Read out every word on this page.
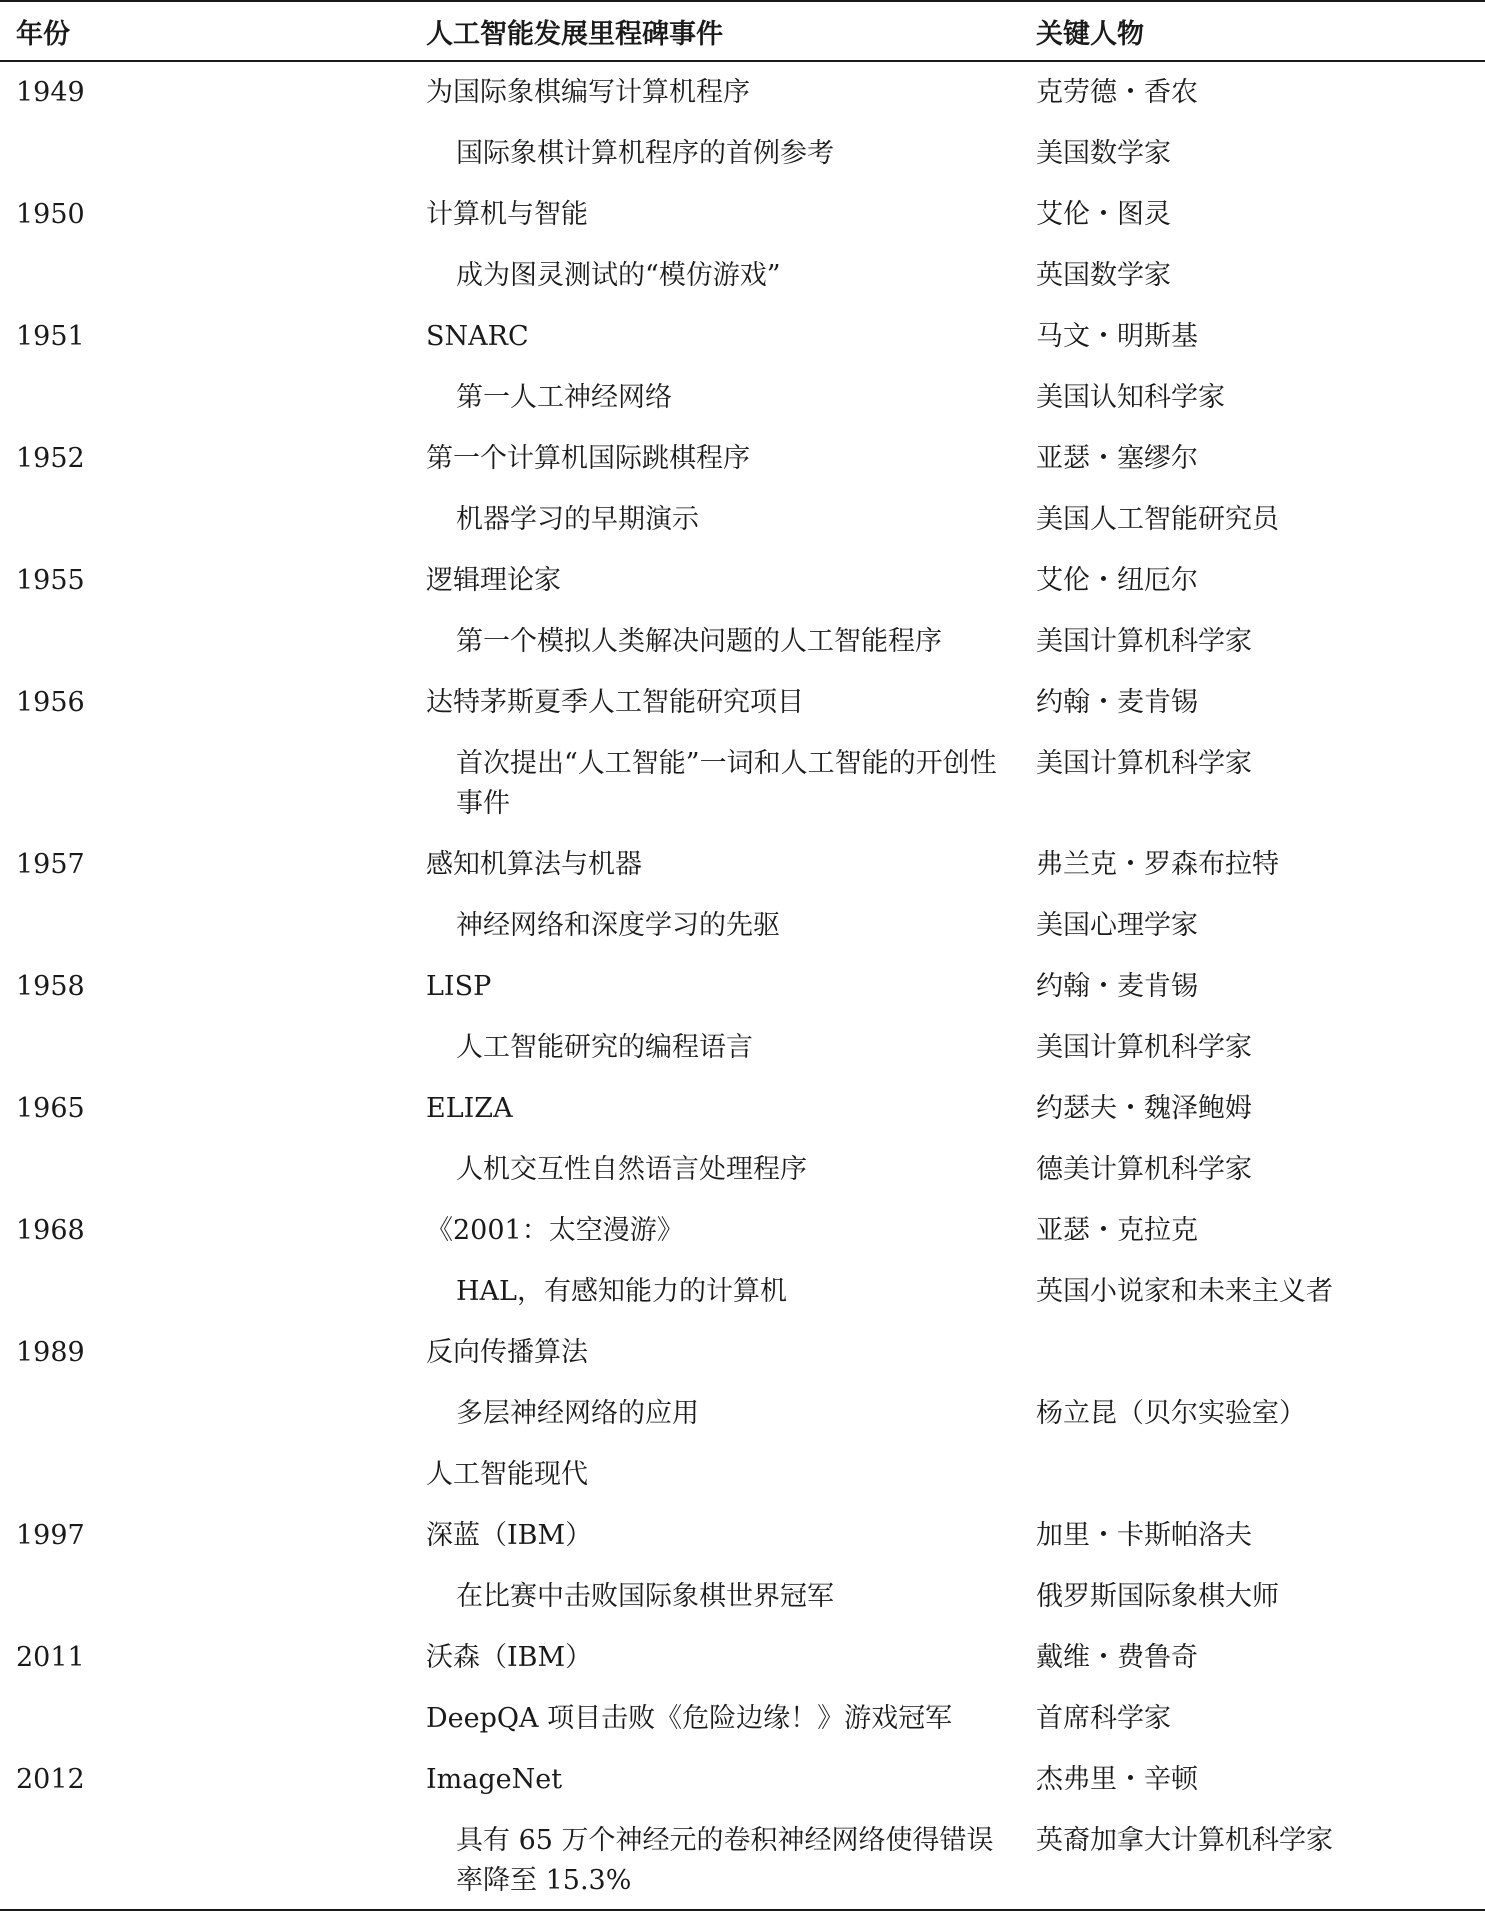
年份	人工智能发展里程碑事件	关键人物
1949	为国际象棋编写计算机程序	克劳德・香农
	国际象棋计算机程序的首例参考	美国数学家
1950	计算机与智能	艾伦・图灵
	成为图灵测试的“模仿游戏”	英国数学家
1951	SNARC	马文・明斯基
	第一人工神经网络	美国认知科学家
1952	第一个计算机国际跳棋程序	亚瑟・塞缪尔
	机器学习的早期演示	美国人工智能研究员
1955	逻辑理论家	艾伦・纽厄尔
	第一个模拟人类解决问题的人工智能程序	美国计算机科学家
1956	达特茅斯夏季人工智能研究项目	约翰・麦肯锡
	首次提出“人工智能”一词和人工智能的开创性事件	美国计算机科学家
1957	感知机算法与机器	弗兰克・罗森布拉特
	神经网络和深度学习的先驱	美国心理学家
1958	LISP	约翰・麦肯锡
	人工智能研究的编程语言	美国计算机科学家
1965	ELIZA	约瑟夫・魏泽鲍姆
	人机交互性自然语言处理程序	德美计算机科学家
1968	《2001：太空漫游》	亚瑟・克拉克
	HAL，有感知能力的计算机	英国小说家和未来主义者
1989	反向传播算法	
	多层神经网络的应用	杨立昆（贝尔实验室）
	人工智能现代	
1997	深蓝（IBM）	加里・卡斯帕洛夫
	在比赛中击败国际象棋世界冠军	俄罗斯国际象棋大师
2011	沃森（IBM）	戴维・费鲁奇
	DeepQA 项目击败《危险边缘！》游戏冠军	首席科学家
2012	ImageNet	杰弗里・辛顿
	具有 65 万个神经元的卷积神经网络使得错误率降至 15.3%	英裔加拿大计算机科学家
